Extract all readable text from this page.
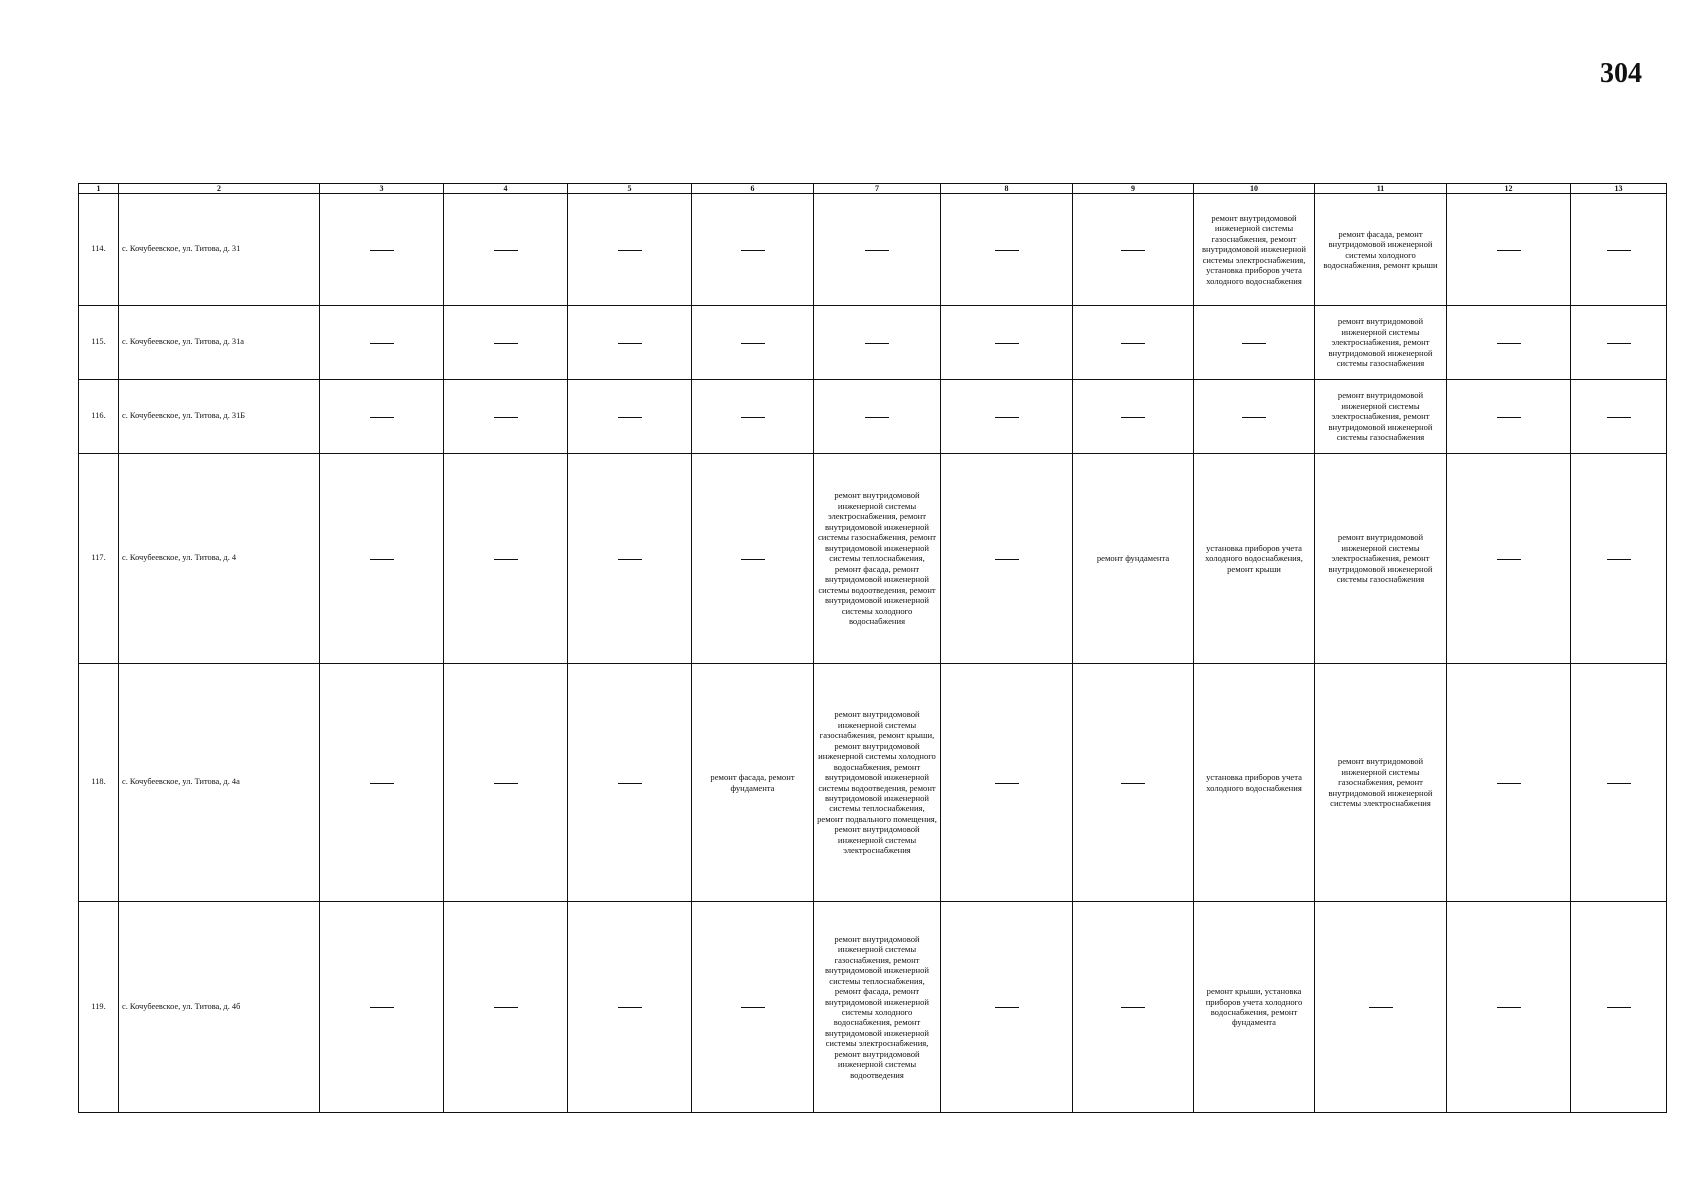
304
1	2	3	4	5	6	7	8	9	10	11	12	13
114.	с. Кочубеевское, ул. Титова, д. 31								ремонт внутридомовой инженерной системы газоснабжения, ремонт внутридомовой инженерной системы электроснабжения, установка приборов учета холодного водоснабжения	ремонт фасада, ремонт внутридомовой инженерной системы холодного водоснабжения, ремонт крыши		
115.	с. Кочубеевское, ул. Титова, д. 31а									ремонт внутридомовой инженерной системы электроснабжения, ремонт внутридомовой инженерной системы газоснабжения		
116.	с. Кочубеевское, ул. Титова, д. 31Б									ремонт внутридомовой инженерной системы электроснабжения, ремонт внутридомовой инженерной системы газоснабжения		
117.	с. Кочубеевское, ул. Титова, д. 4					ремонт внутридомовой инженерной системы электроснабжения, ремонт внутридомовой инженерной системы газоснабжения, ремонт внутридомовой инженерной системы теплоснабжения, ремонт фасада, ремонт внутридомовой инженерной системы водоотведения, ремонт внутридомовой инженерной системы холодного водоснабжения		ремонт фундамента	установка приборов учета холодного водоснабжения, ремонт крыши	ремонт внутридомовой инженерной системы электроснабжения, ремонт внутридомовой инженерной системы газоснабжения		
118.	с. Кочубеевское, ул. Титова, д. 4а				ремонт фасада, ремонт фундамента	ремонт внутридомовой инженерной системы газоснабжения, ремонт крыши, ремонт внутридомовой инженерной системы холодного водоснабжения, ремонт внутридомовой инженерной системы водоотведения, ремонт внутридомовой инженерной системы теплоснабжения, ремонт подвального помещения, ремонт внутридомовой инженерной системы электроснабжения			установка приборов учета холодного водоснабжения	ремонт внутридомовой инженерной системы газоснабжения, ремонт внутридомовой инженерной системы электроснабжения		
119.	с. Кочубеевское, ул. Титова, д. 4б					ремонт внутридомовой инженерной системы газоснабжения, ремонт внутридомовой инженерной системы теплоснабжения, ремонт фасада, ремонт внутридомовой инженерной системы холодного водоснабжения, ремонт внутридомовой инженерной системы электроснабжения, ремонт внутридомовой инженерной системы водоотведения			ремонт крыши, установка приборов учета холодного водоснабжения, ремонт фундамента			
